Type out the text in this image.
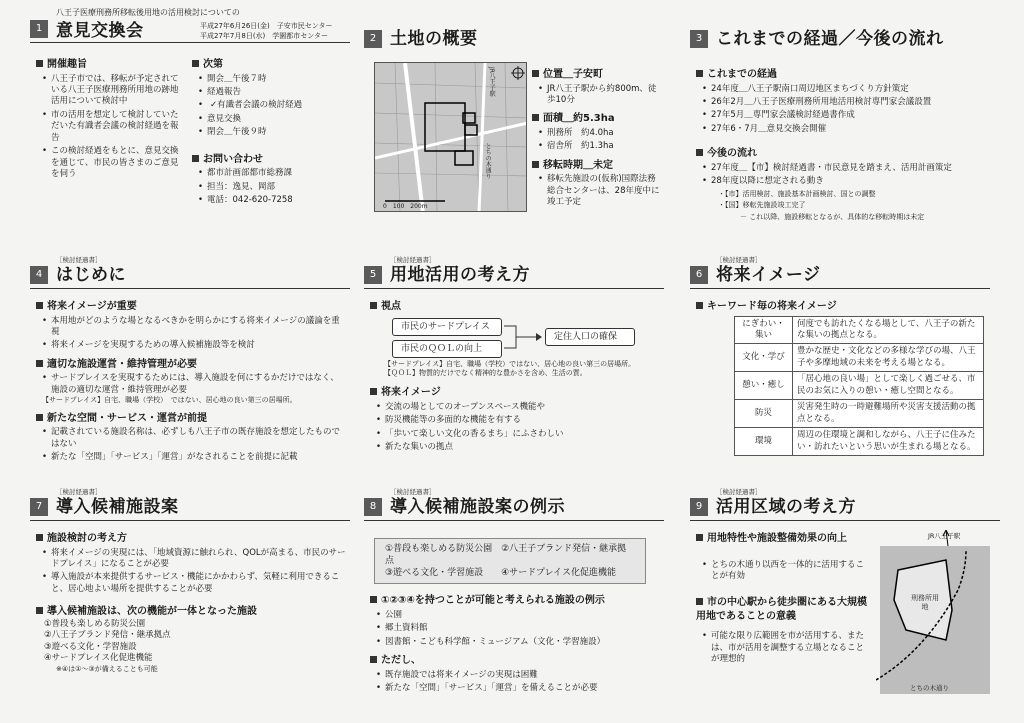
1
八王子医療刑務所移転後用地の活用検討についての
意見交換会	平成27年6月26日(金)　子安市民センター
平成27年7月8日(水)　学園都市センター
開催趣旨
• 八王子市では、移転が予定されている八王子医療刑務所用地の跡地活用について検討中
• 市の活用を想定して検討していただいた有識者会議の検討経過を報告
• この検討経過をもとに、意見交換を通じて、市民の皆さまのご意見を伺う
次第
• 開会＿午後７時
• 経過報告
• ✓有識者会議の検討経過
• 意見交換
• 閉会＿午後９時
お問い合わせ
• 都市計画部都市総務課
• 担当：逸見、岡部
• 電話：042-620-7258
2 土地の概要
JR八王子駅
とちの木通り
0　100　200m
位置＿子安町
• JR八王子駅から約800m、徒歩10分
面積＿約5.3ha
• 刑務所　約4.0ha
• 宿舎所　約1.3ha
移転時期＿未定
• 移転先施設の(仮称)国際法務総合センターは、28年度中に竣工予定
3 これまでの経過／今後の流れ
これまでの経過
• 24年度＿八王子駅南口周辺地区まちづくり方針策定
• 26年2月＿八王子医療刑務所用地活用検討専門家会議設置
• 27年5月＿専門家会議検討経過書作成
• 27年6・7月＿意見交換会開催
今後の流れ
• 27年度＿【市】検討経過書・市民意見を踏まえ、活用計画策定
• 28年度以降に想定される動き
・【市】活用検討、施設基本計画検討、国との調整
・【国】移転先施設竣工完了
－ これ以降、施設移転となるが、具体的な移転時期は未定
4
［検討経過書］
はじめに
将来イメージが重要
• 本用地がどのような場となるべきかを明らかにする将来イメージの議論を重視
• 将来イメージを実現するための導入候補施設等を検討
適切な施設運営・維持管理が必要
• サードプレイスを実現するためには、導入施設を何にするかだけではなく、施設の適切な運営・維持管理が必要
【サードプレイス】自宅、職場（学校）　ではない、居心地の良い第三の居場所。
新たな空間・サービス・運営が前提
• 記載されている施設名称は、必ずしも八王子市の既存施設を想定したものではない
• 新たな「空間」「サービス」「運営」がなされることを前提に記載
5
［検討経過書］
用地活用の考え方
視点
市民のサードプレイス
市民のＱＯＬの向上
定住人口の確保
【サードプレイス】自宅、職場（学校）ではない、居心地の良い第三の居場所。
【ＱＯＬ】物質的だけでなく精神的な豊かさを含め、生活の質。
将来イメージ
• 交流の場としてのオープンスペース機能や
• 防災機能等の多面的な機能を有する
• 「歩いて楽しい文化の香るまち」にふさわしい
• 新たな集いの拠点
6
［検討経過書］
将来イメージ
キーワード毎の将来イメージ
にぎわい・集い	何度でも訪れたくなる場として、八王子の新たな集いの拠点となる。
文化・学び	豊かな歴史・文化などの多様な学びの場、八王子や多摩地域の未来を考える場となる。
憩い・癒し	「居心地の良い場」として楽しく過ごせる、市民のお気に入りの憩い・癒し空間となる。
防災	災害発生時の一時避難場所や災害支援活動の拠点となる。
環境	周辺の住環境と調和しながら、八王子に住みたい・訪れたいという思いが生まれる場となる。
7
［検討経過書］
導入候補施設案
施設検討の考え方
• 将来イメージの実現には、「地域資源に触れられ、QOLが高まる、市民のサードプレイス」になることが必要
• 導入施設が本来提供するサービス・機能にかかわらず、気軽に利用できること、居心地よい場所を提供することが必要
導入候補施設は、次の機能が一体となった施設
①普段も楽しめる防災公園
②八王子ブランド発信・継承拠点
③遊べる文化・学習施設
④サードプレイス化促進機能
※④は①～③が備えることも可能
8
［検討経過書］
導入候補施設案の例示
①普段も楽しめる防災公園　②八王子ブランド発信・継承拠点
③遊べる文化・学習施設　　④サードプレイス化促進機能
①②③④を持つことが可能と考えられる施設の例示
• 公園
• 郷土資料館
• 図書館・こども科学館・ミュージアム（文化・学習施設）
ただし、
• 既存施設では将来イメージの実現は困難
• 新たな「空間」「サービス」「運営」を備えることが必要
9
［検討経過書］
活用区域の考え方
用地特性や施設整備効果の向上
• とちの木通り以西を一体的に活用することが有効
市の中心駅から徒歩圏にある大規模用地であることの意義
• 可能な限り広範囲を市が活用する、または、市が活用を調整する立場となることが理想的
JR八王子駅
刑務所用地
とちの木通り
